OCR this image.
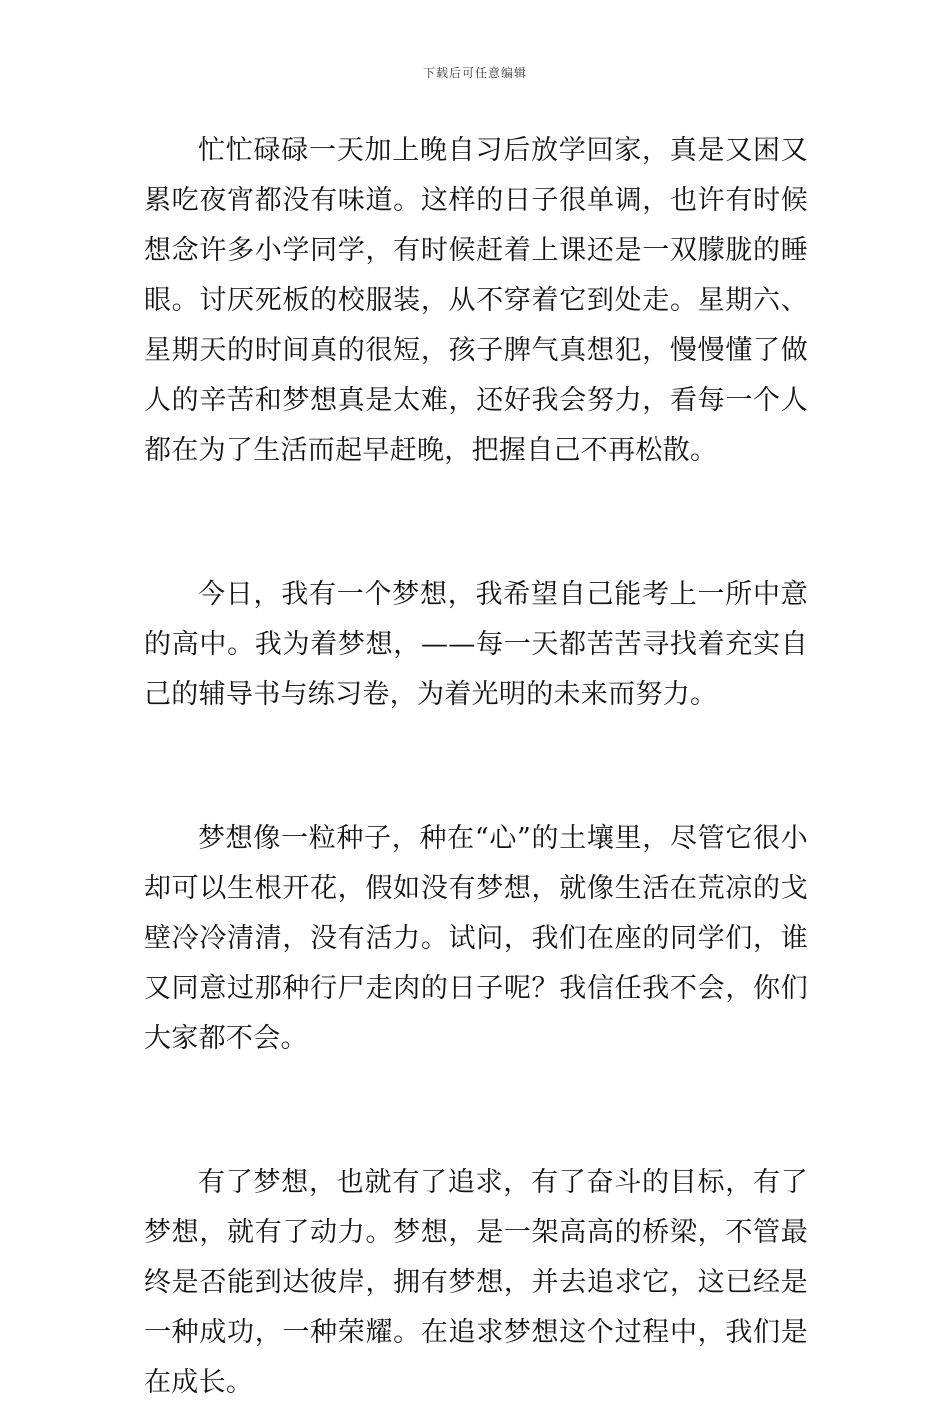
下载后可任意编辑

忙忙碌碌一天加上晚自习后放学回家，真是又困又累吃夜宵都没有味道。这样的日子很单调，也许有时候想念许多小学同学，有时候赶着上课还是一双朦胧的睡眼。讨厌死板的校服装，从不穿着它到处走。星期六、星期天的时间真的很短，孩子脾气真想犯，慢慢懂了做人的辛苦和梦想真是太难，还好我会努力，看每一个人都在为了生活而起早赶晚，把握自己不再松散。

今日，我有一个梦想，我希望自己能考上一所中意的高中。我为着梦想，——每一天都苦苦寻找着充实自己的辅导书与练习卷，为着光明的未来而努力。

梦想像一粒种子，种在“心”的土壤里，尽管它很小却可以生根开花，假如没有梦想，就像生活在荒凉的戈壁冷冷清清，没有活力。试问，我们在座的同学们，谁又同意过那种行尸走肉的日子呢？我信任我不会，你们大家都不会。

有了梦想，也就有了追求，有了奋斗的目标，有了梦想，就有了动力。梦想，是一架高高的桥梁，不管最终是否能到达彼岸，拥有梦想，并去追求它，这已经是一种成功，一种荣耀。在追求梦想这个过程中，我们是在成长。
